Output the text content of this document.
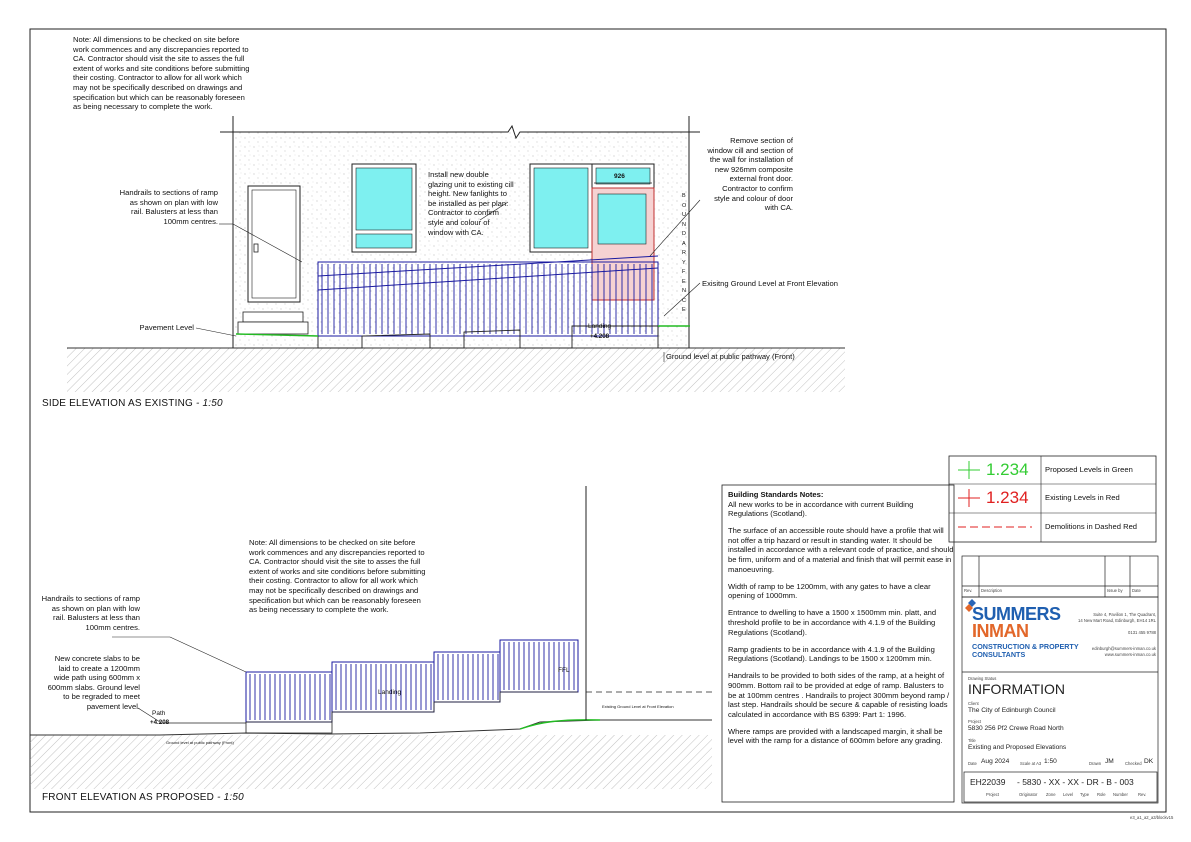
Note: All dimensions to be checked on site before
work commences and any discrepancies reported to
CA. Contractor should visit the site to asses the full
extent of works and site conditions before submitting
their costing. Contractor to allow for all work which
may not be specifically described on drawings and
specification but which can be reasonably foreseen
as being necessary to complete the work.
Handrails to sections of ramp
as shown on plan with low
rail. Balusters at less than
100mm centres.
Pavement Level
Install new double
glazing unit to existing cill
height. New fanlights to
be installed as per plan.
Contractor to confirm
style and colour of
window with CA.
Remove section of
window cill and section of
the wall for installation of
new 926mm composite
external front door.
Contractor to confirm
style and colour of door
with CA.
Exisitng Ground Level at Front Elevation
Ground level at public pathway (Front)
926
BOUNDARY FENCE
Landing
+4.208
SIDE ELEVATION AS EXISTING - 1:50
Note: All dimensions to be checked on site before
work commences and any discrepancies reported to
CA. Contractor should visit the site to asses the full
extent of works and site conditions before submitting
their costing. Contractor to allow for all work which
may not be specifically described on drawings and
specification but which can be reasonably foreseen
as being necessary to complete the work.
Handrails to sections of ramp
as shown on plan with low
rail. Balusters at less than
100mm centres.
New concrete slabs to be
laid to create a 1200mm
wide path using 600mm x
600mm slabs. Ground level
to be regraded to meet
pavement level.
Path
+4.208
Landing
FFL
Existing Ground Level at Front Elevation
Ground level at public pathway (Front)
FRONT ELEVATION AS PROPOSED - 1:50

Building Standards Notes:

All new works to be in accordance with current Building Regulations (Scotland).

The surface of an accessible route should have a profile that will not offer a trip hazard or result in standing water. It should be installed in accordance with a relevant code of practice, and should be firm, uniform and of a material and finish that will permit ease in manoeuvring.

Width of ramp to be 1200mm, with any gates to have a clear opening of 1000mm.

Entrance to dwelling to have a 1500 x 1500mm min. platt, and threshold profile to be in accordance with 4.1.9 of the Building Regulations (Scotland).

Ramp gradients to be in accordance with 4.1.9 of the Building Regulations (Scotland). Landings to be 1500 x 1200mm min.

Handrails to be provided to both sides of the ramp, at a height of 900mm. Bottom rail to be provided at edge of ramp. Balusters to be at 100mm centres . Handrails to project 300mm beyond ramp / last step. Handrails should be secure & capable of resisting loads calculated in accordance with BS 6399: Part 1: 1996.

Where ramps are provided with a landscaped margin, it shall be level with the ramp for a distance of 600mm before any grading.

1.234 Proposed Levels in Green
1.234 Existing Levels in Red
Demolitions in Dashed Red
Rev. Description	Issue by Date
SUMMERS
INMAN
CONSTRUCTION & PROPERTY
CONSULTANTS
Suite 4, Pavilion 1, The Quadrant,
14 New Mart Road, Edinburgh, EH14 1RL
0131 455 9788
edinburgh@summers-inman.co.uk
www.summers-inman.co.uk
Drawing Status
INFORMATION
Client
The City of Edinburgh Council
Project
5830 256 Pf2 Crewe Road North
Title
Existing and Proposed Elevations
Date Aug 2024	Scale at A3 1:50	Drawn JM	Checked DK
EH22039 - 5830 - XX - XX - DR - B - 003
Project	Originator Zone Level Type Role Number Rev.
e3_a1_a2_a3/blockv15
